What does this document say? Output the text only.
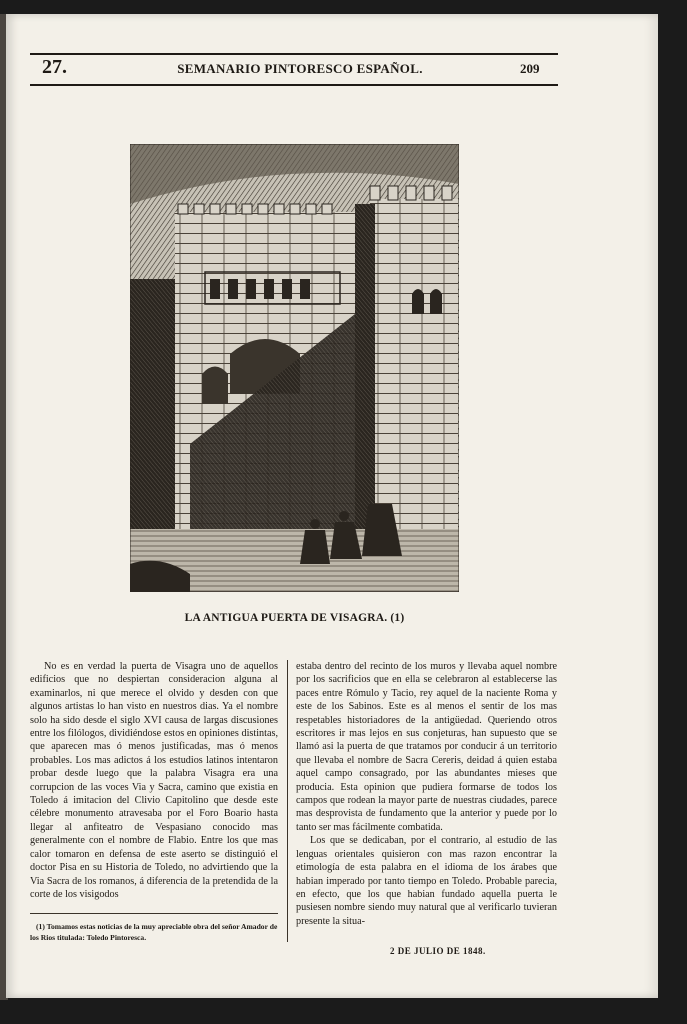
27.	SEMANARIO PINTORESCO ESPAÑOL.	209
LA ANTIGUA PUERTA DE VISAGRA. (1)

No es en verdad la puerta de Visagra uno de aquellos edificios que no despiertan consideracion alguna al examinarlos, ni que merece el olvido y desden con que algunos artistas lo han visto en nuestros dias. Ya el nombre solo ha sido desde el siglo XVI causa de largas discusiones entre los filólogos, dividiéndose estos en opiniones distintas, que aparecen mas ó menos justificadas, mas ó menos probables. Los mas adictos á los estudios latinos intentaron probar desde luego que la palabra Visagra era una corrupcion de las voces Via y Sacra, camino que existia en Toledo á imitacion del Clivio Capitolino que desde este célebre monumento atravesaba por el Foro Boario hasta llegar al anfiteatro de Vespasiano conocido mas generalmente con el nombre de Flabio. Entre los que mas calor tomaron en defensa de este aserto se distinguió el doctor Pisa en su Historia de Toledo, no advirtiendo que la Via Sacra de los romanos, á diferencia de la pretendida de la corte de los visigodos

estaba dentro del recinto de los muros y llevaba aquel nombre por los sacrificios que en ella se celebraron al establecerse las paces entre Rómulo y Tacio, rey aquel de la naciente Roma y este de los Sabinos. Este es al menos el sentir de los mas respetables historiadores de la antigüedad. Queriendo otros escritores ir mas lejos en sus conjeturas, han supuesto que se llamó asi la puerta de que tratamos por conducir á un territorio que llevaba el nombre de Sacra Cereris, deidad á quien estaba aquel campo consagrado, por las abundantes mieses que producia. Esta opinion que pudiera formarse de todos los campos que rodean la mayor parte de nuestras ciudades, parece mas desprovista de fundamento que la anterior y puede por lo tanto ser mas fácilmente combatida.

Los que se dedicaban, por el contrario, al estudio de las lenguas orientales quisieron con mas razon encontrar la etimología de esta palabra en el idioma de los árabes que habian imperado por tanto tiempo en Toledo. Probable parecia, en efecto, que los que habian fundado aquella puerta le pusiesen nombre siendo muy natural que al verificarlo tuvieran presente la situa-

(1) Tomamos estas noticias de la muy apreciable obra del señor Amador de los Rios titulada: Toledo Pintoresca.
2 DE JULIO DE 1848.
